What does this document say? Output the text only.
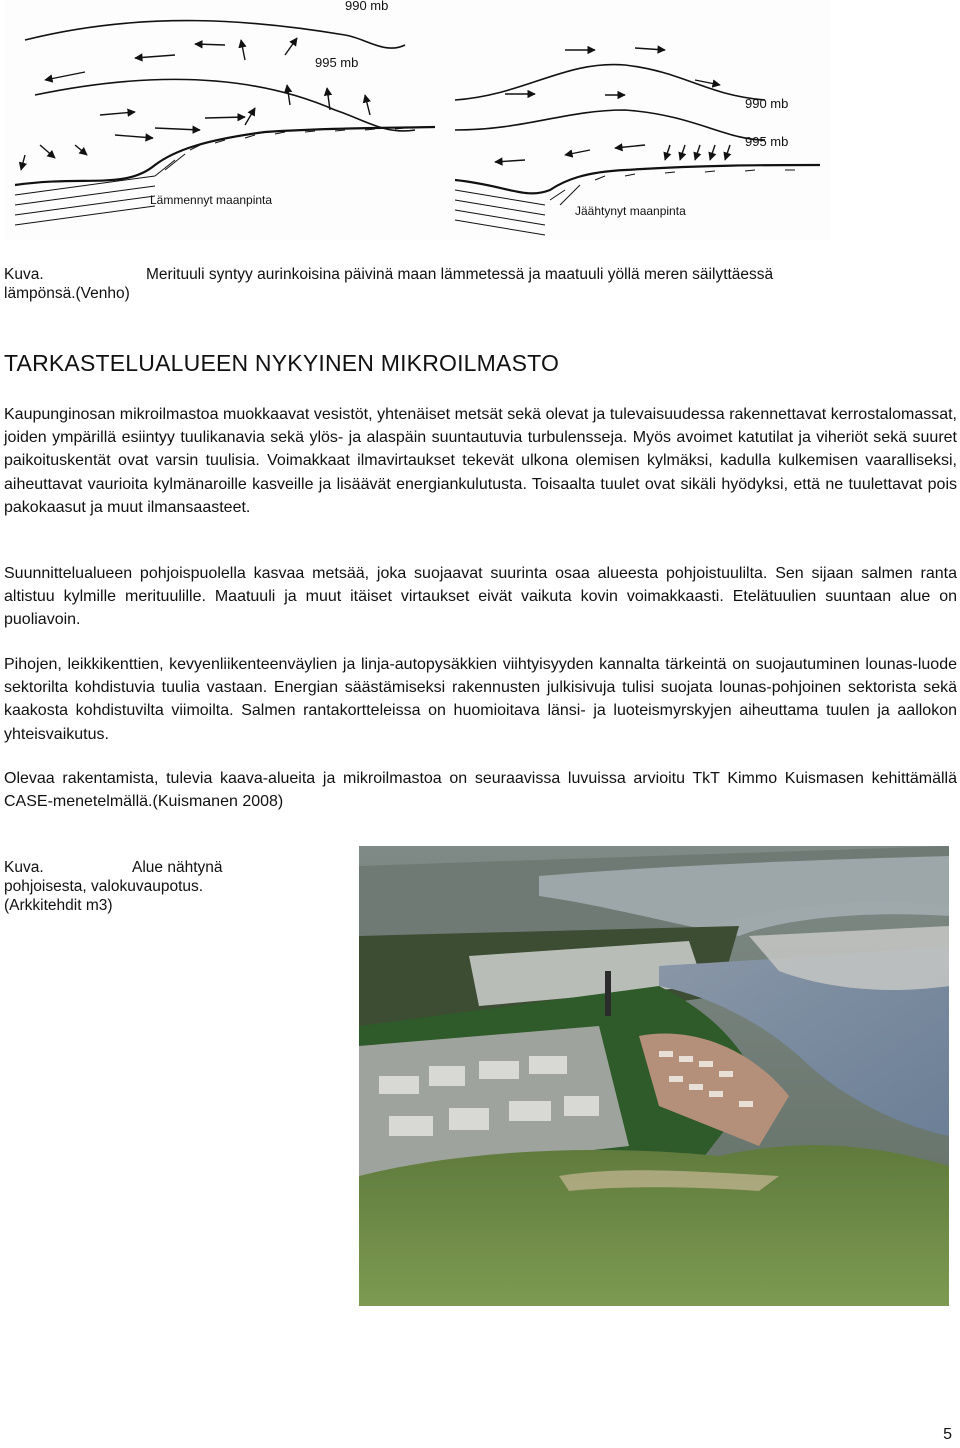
990 mb
995 mb
Lämmennyt maanpinta
990 mb
995 mb
Jäähtynyt maanpinta
Kuva.	Merituuli syntyy aurinkoisina päivinä maan lämmetessä ja maatuuli yöllä meren säilyttäessä
lämpönsä.(Venho)
TARKASTELUALUEEN NYKYINEN MIKROILMASTO

Kaupunginosan mikroilmastoa muokkaavat vesistöt, yhtenäiset metsät sekä olevat ja tulevaisuudessa rakennettavat kerrostalomassat, joiden ympärillä esiintyy tuulikanavia sekä ylös- ja alaspäin suuntautuvia turbulensseja. Myös avoimet katutilat ja viheriöt sekä suuret paikoituskentät ovat varsin tuulisia. Voimakkaat ilmavirtaukset tekevät ulkona olemisen kylmäksi, kadulla kulkemisen vaaralliseksi, aiheuttavat vaurioita kylmänaroille kasveille ja lisäävät energiankulutusta. Toisaalta tuulet ovat sikäli hyödyksi, että ne tuulettavat pois pakokaasut ja muut ilmansaasteet.

Suunnittelualueen pohjoispuolella kasvaa metsää, joka suojaavat suurinta osaa alueesta pohjoistuulilta. Sen sijaan salmen ranta altistuu kylmille merituulille. Maatuuli ja muut itäiset virtaukset eivät vaikuta kovin voimakkaasti. Etelätuulien suuntaan alue on puoliavoin.

Pihojen, leikkikenttien, kevyenliikenteenväylien ja linja-autopysäkkien viihtyisyyden kannalta tärkeintä on suojautuminen lounas-luode sektorilta kohdistuvia tuulia vastaan. Energian säästämiseksi rakennusten julkisivuja tulisi suojata lounas-pohjoinen sektorista sekä kaakosta kohdistuvilta viimoilta. Salmen rantakortteleissa on huomioitava länsi- ja luoteismyrskyjen aiheuttama tuulen ja aallokon yhteisvaikutus.

Olevaa rakentamista, tulevia kaava-alueita ja mikroilmastoa on seuraavissa luvuissa arvioitu TkT Kimmo Kuismasen kehittämällä CASE-menetelmällä.(Kuismanen 2008)

Kuva.	Alue nähtynä
pohjoisesta, valokuvaupotus.
(Arkkitehdit m3)
5
